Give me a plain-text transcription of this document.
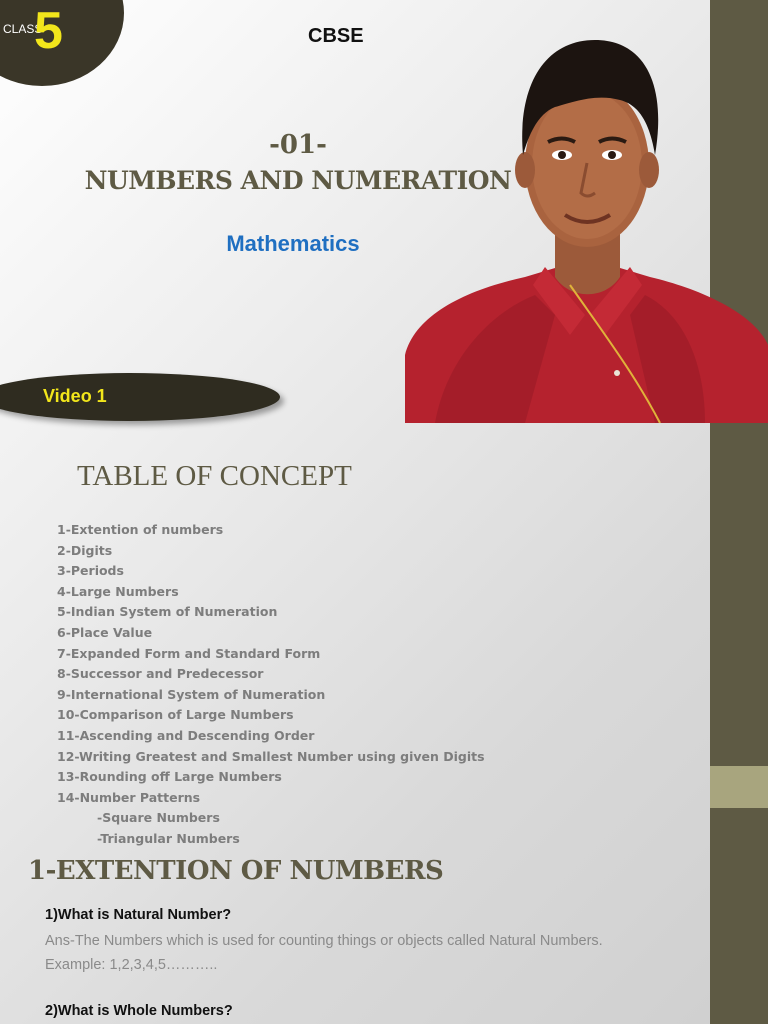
CLASS
5	CBSE
-01-
NUMBERS AND NUMERATION
Mathematics
Video 1
TABLE OF CONCEPT
1-Extention of numbers
2-Digits
3-Periods
4-Large Numbers
5-Indian System of Numeration
6-Place Value
7-Expanded Form and Standard Form
8-Successor and Predecessor
9-International System of Numeration
10-Comparison of Large Numbers
11-Ascending and Descending Order
12-Writing Greatest and Smallest Number using given Digits
13-Rounding off Large Numbers
14-Number Patterns
-Square Numbers
-Triangular Numbers
1-EXTENTION OF NUMBERS
1)What is Natural Number?
Ans-The Numbers which is used for counting things or objects called Natural Numbers.
Example: 1,2,3,4,5………..
2)What is Whole Numbers?
